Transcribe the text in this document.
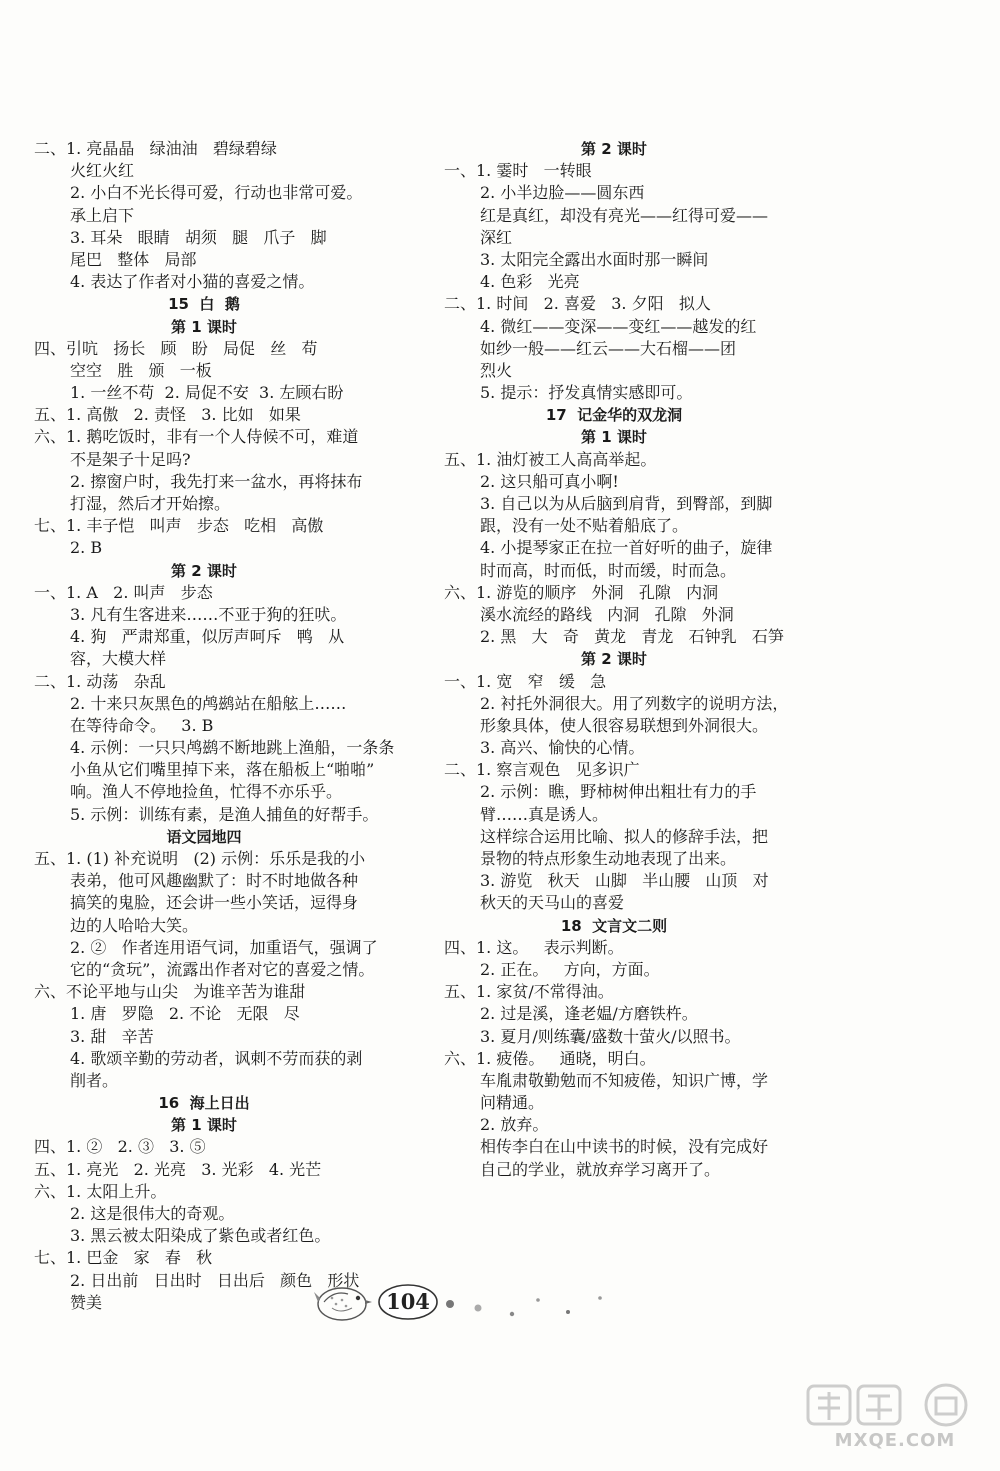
二、1. 亮晶晶   绿油油   碧绿碧绿
火红火红
2. 小白不光长得可爱，行动也非常可爱。
承上启下
3. 耳朵   眼睛   胡须   腿   爪子   脚
尾巴   整体   局部
4. 表达了作者对小猫的喜爱之情。
15  白  鹅
第 1 课时
四、引吭   扬长   顾   盼   局促   丝   苟
空空   胜   颁   一板
1. 一丝不苟  2. 局促不安  3. 左顾右盼
五、1. 高傲   2. 责怪   3. 比如   如果
六、1. 鹅吃饭时，非有一个人侍候不可，难道
不是架子十足吗?
2. 擦窗户时，我先打来一盆水，再将抹布
打湿，然后才开始擦。
七、1. 丰子恺   叫声   步态   吃相   高傲
2. B
第 2 课时
一、1. A   2. 叫声   步态
3. 凡有生客进来……不亚于狗的狂吠。
4. 狗   严肃郑重，似厉声呵斥   鸭   从
容，大模大样
二、1. 动荡   杂乱
2. 十来只灰黑色的鸬鹚站在船舷上……
在等待命令。   3. B
4. 示例：一只只鸬鹚不断地跳上渔船，一条条
小鱼从它们嘴里掉下来，落在船板上“啪啪”
响。渔人不停地捡鱼，忙得不亦乐乎。
5. 示例：训练有素，是渔人捕鱼的好帮手。
语文园地四
五、1. (1) 补充说明   (2) 示例：乐乐是我的小
表弟，他可风趣幽默了：时不时地做各种
搞笑的鬼脸，还会讲一些小笑话，逗得身
边的人哈哈大笑。
2. ②   作者连用语气词，加重语气，强调了
它的“贪玩”，流露出作者对它的喜爱之情。
六、不论平地与山尖   为谁辛苦为谁甜
1. 唐   罗隐   2. 不论   无限   尽
3. 甜   辛苦
4. 歌颂辛勤的劳动者，讽刺不劳而获的剥
削者。
16  海上日出
第 1 课时
四、1. ②   2. ③   3. ⑤
五、1. 亮光   2. 光亮   3. 光彩   4. 光芒
六、1. 太阳上升。
2. 这是很伟大的奇观。
3. 黑云被太阳染成了紫色或者红色。
七、1. 巴金   家   春   秋
2. 日出前   日出时   日出后   颜色   形状
赞美
第 2 课时
一、1. 霎时   一转眼
2. 小半边脸——圆东西
红是真红，却没有亮光——红得可爱——
深红
3. 太阳完全露出水面时那一瞬间
4. 色彩   光亮
二、1. 时间   2. 喜爱   3. 夕阳   拟人
4. 微红——变深——变红——越发的红
如纱一般——红云——大石榴——团
烈火
5. 提示：抒发真情实感即可。
17  记金华的双龙洞
第 1 课时
五、1. 油灯被工人高高举起。
2. 这只船可真小啊!
3. 自己以为从后脑到肩背，到臀部，到脚
跟，没有一处不贴着船底了。
4. 小提琴家正在拉一首好听的曲子，旋律
时而高，时而低，时而缓，时而急。
六、1. 游览的顺序   外洞   孔隙   内洞
溪水流经的路线   内洞   孔隙   外洞
2. 黑   大   奇   黄龙   青龙   石钟乳   石笋
第 2 课时
一、1. 宽   窄   缓   急
2. 衬托外洞很大。用了列数字的说明方法，
形象具体，使人很容易联想到外洞很大。
3. 高兴、愉快的心情。
二、1. 察言观色   见多识广
2. 示例：瞧，野柿树伸出粗壮有力的手
臂……真是诱人。
这样综合运用比喻、拟人的修辞手法，把
景物的特点形象生动地表现了出来。
3. 游览   秋天   山脚   半山腰   山顶   对
秋天的天马山的喜爱
18  文言文二则
四、1. 这。   表示判断。
2. 正在。   方向，方面。
五、1. 家贫/不常得油。
2. 过是溪，逢老媪/方磨铁杵。
3. 夏月/则练囊/盛数十萤火/以照书。
六、1. 疲倦。   通晓，明白。
车胤肃敬勤勉而不知疲倦，知识广博，学
问精通。
2. 放弃。
相传李白在山中读书的时候，没有完成好
自己的学业，就放弃学习离开了。
104
MXQE.COM
